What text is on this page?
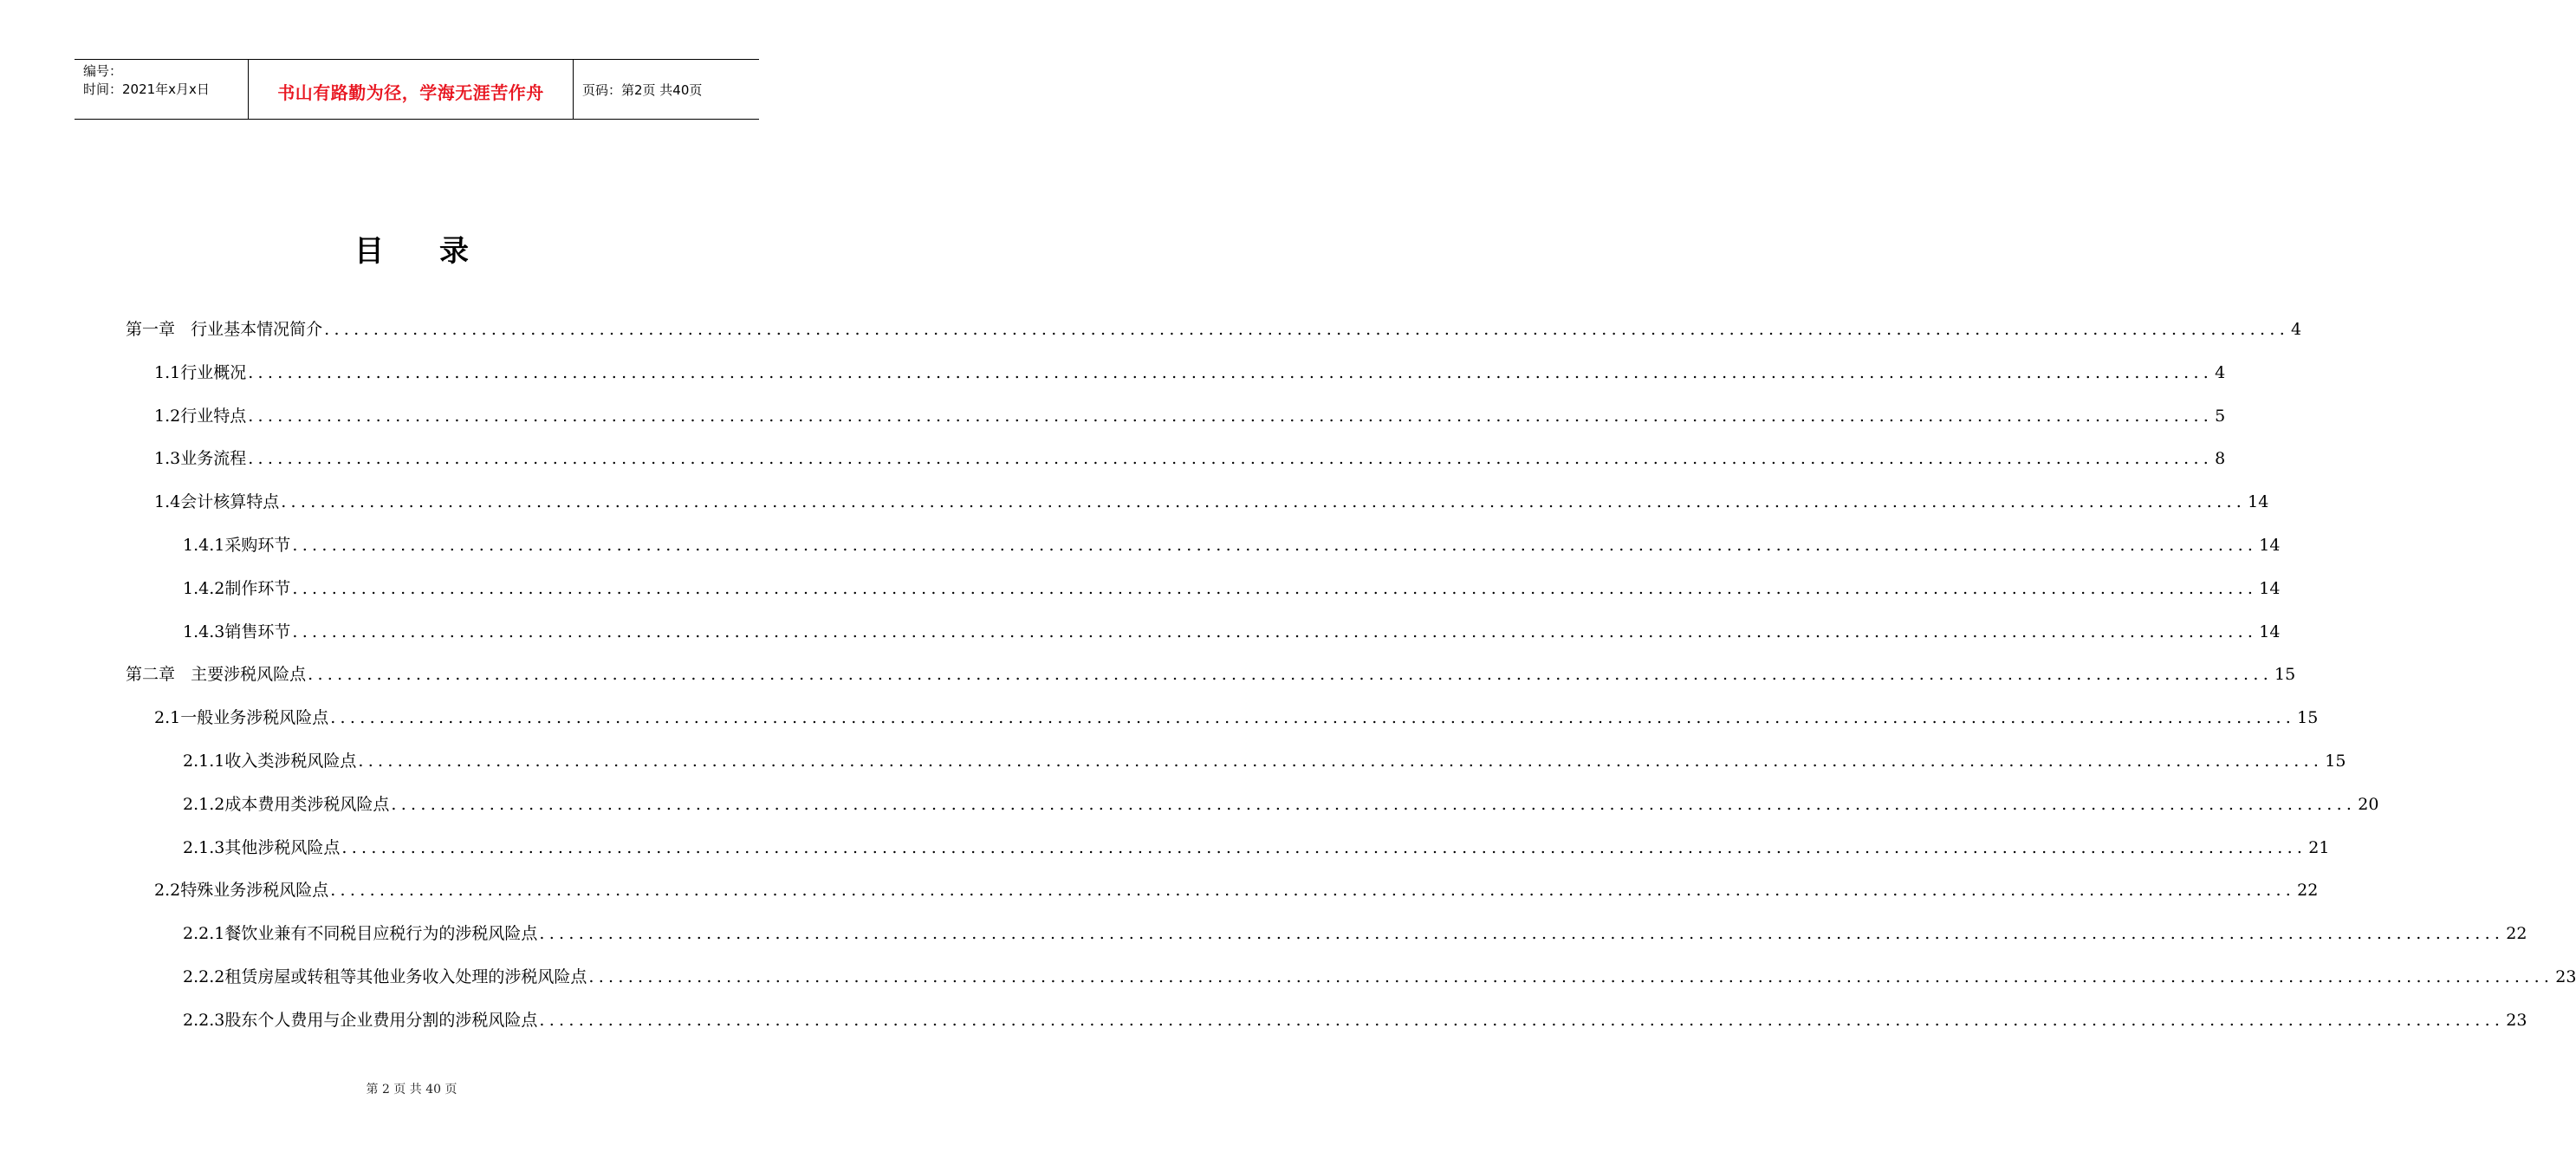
编号：
时间：2021年x月x日	书山有路勤为径，学海无涯苦作舟	页码：第2页 共40页
目录
第一章   行业基本情况简介 ........................................................................................................................................................................................................ 4
1.1行业概况 ........................................................................................................................................................................................................ 4
1.2行业特点 ........................................................................................................................................................................................................ 5
1.3业务流程 ........................................................................................................................................................................................................ 8
1.4会计核算特点 ........................................................................................................................................................................................................ 14
1.4.1采购环节 ........................................................................................................................................................................................................ 14
1.4.2制作环节 ........................................................................................................................................................................................................ 14
1.4.3销售环节 ........................................................................................................................................................................................................ 14
第二章   主要涉税风险点 ........................................................................................................................................................................................................ 15
2.1一般业务涉税风险点 ........................................................................................................................................................................................................ 15
2.1.1收入类涉税风险点 ........................................................................................................................................................................................................ 15
2.1.2成本费用类涉税风险点 ........................................................................................................................................................................................................ 20
2.1.3其他涉税风险点 ........................................................................................................................................................................................................ 21
2.2特殊业务涉税风险点 ........................................................................................................................................................................................................ 22
2.2.1餐饮业兼有不同税目应税行为的涉税风险点 ........................................................................................................................................................................................................ 22
2.2.2租赁房屋或转租等其他业务收入处理的涉税风险点 ........................................................................................................................................................................................................ 23
2.2.3股东个人费用与企业费用分割的涉税风险点 ........................................................................................................................................................................................................ 23
第 2 页 共 40 页
